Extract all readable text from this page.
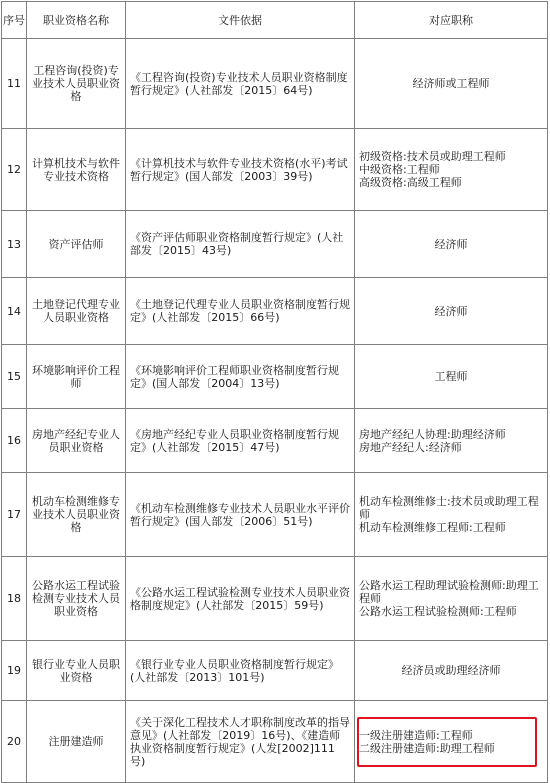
序号	职业资格名称	文件依据	对应职称
11	工程咨询(投资)专业技术人员职业资格	《工程咨询(投资)专业技术人员职业资格制度暂行规定》(人社部发〔2015〕64号)	经济师或工程师

12	计算机技术与软件专业技术资格	《计算机技术与软件专业技术资格(水平)考试暂行规定》(国人部发〔2003〕39号)	初级资格:技术员或助理工程师
中级资格:工程师
高级资格:高级工程师

13	资产评估师	《资产评估师职业资格制度暂行规定》(人社部发〔2015〕43号)	经济师

14	土地登记代理专业人员职业资格	《土地登记代理专业人员职业资格制度暂行规定》(人社部发〔2015〕66号)	经济师

15	环境影响评价工程师	《环境影响评价工程师职业资格制度暂行规定》(国人部发〔2004〕13号)	工程师

16	房地产经纪专业人员职业资格	《房地产经纪专业人员职业资格制度暂行规定》(人社部发〔2015〕47号)	房地产经纪人协理:助理经济师
房地产经纪人:经济师

17	机动车检测维修专业技术人员职业资格	《机动车检测维修专业技术人员职业水平评价暂行规定》(国人部发〔2006〕51号)	机动车检测维修士:技术员或助理工程师
机动车检测维修工程师:工程师

18	公路水运工程试验检测专业技术人员职业资格	《公路水运工程试验检测专业技术人员职业资格制度规定》(人社部发〔2015〕59号)	公路水运工程助理试验检测师:助理工程师
公路水运工程试验检测师:工程师

19	银行业专业人员职业资格	《银行业专业人员职业资格制度暂行规定》(人社部发〔2013〕101号)	经济员或助理经济师

20	注册建造师	《关于深化工程技术人才职称制度改革的指导意见》(人社部发〔2019〕16号)、《建造师执业资格制度暂行规定》(人发[2002]111号)	一级注册建造师:工程师
二级注册建造师:助理工程师
